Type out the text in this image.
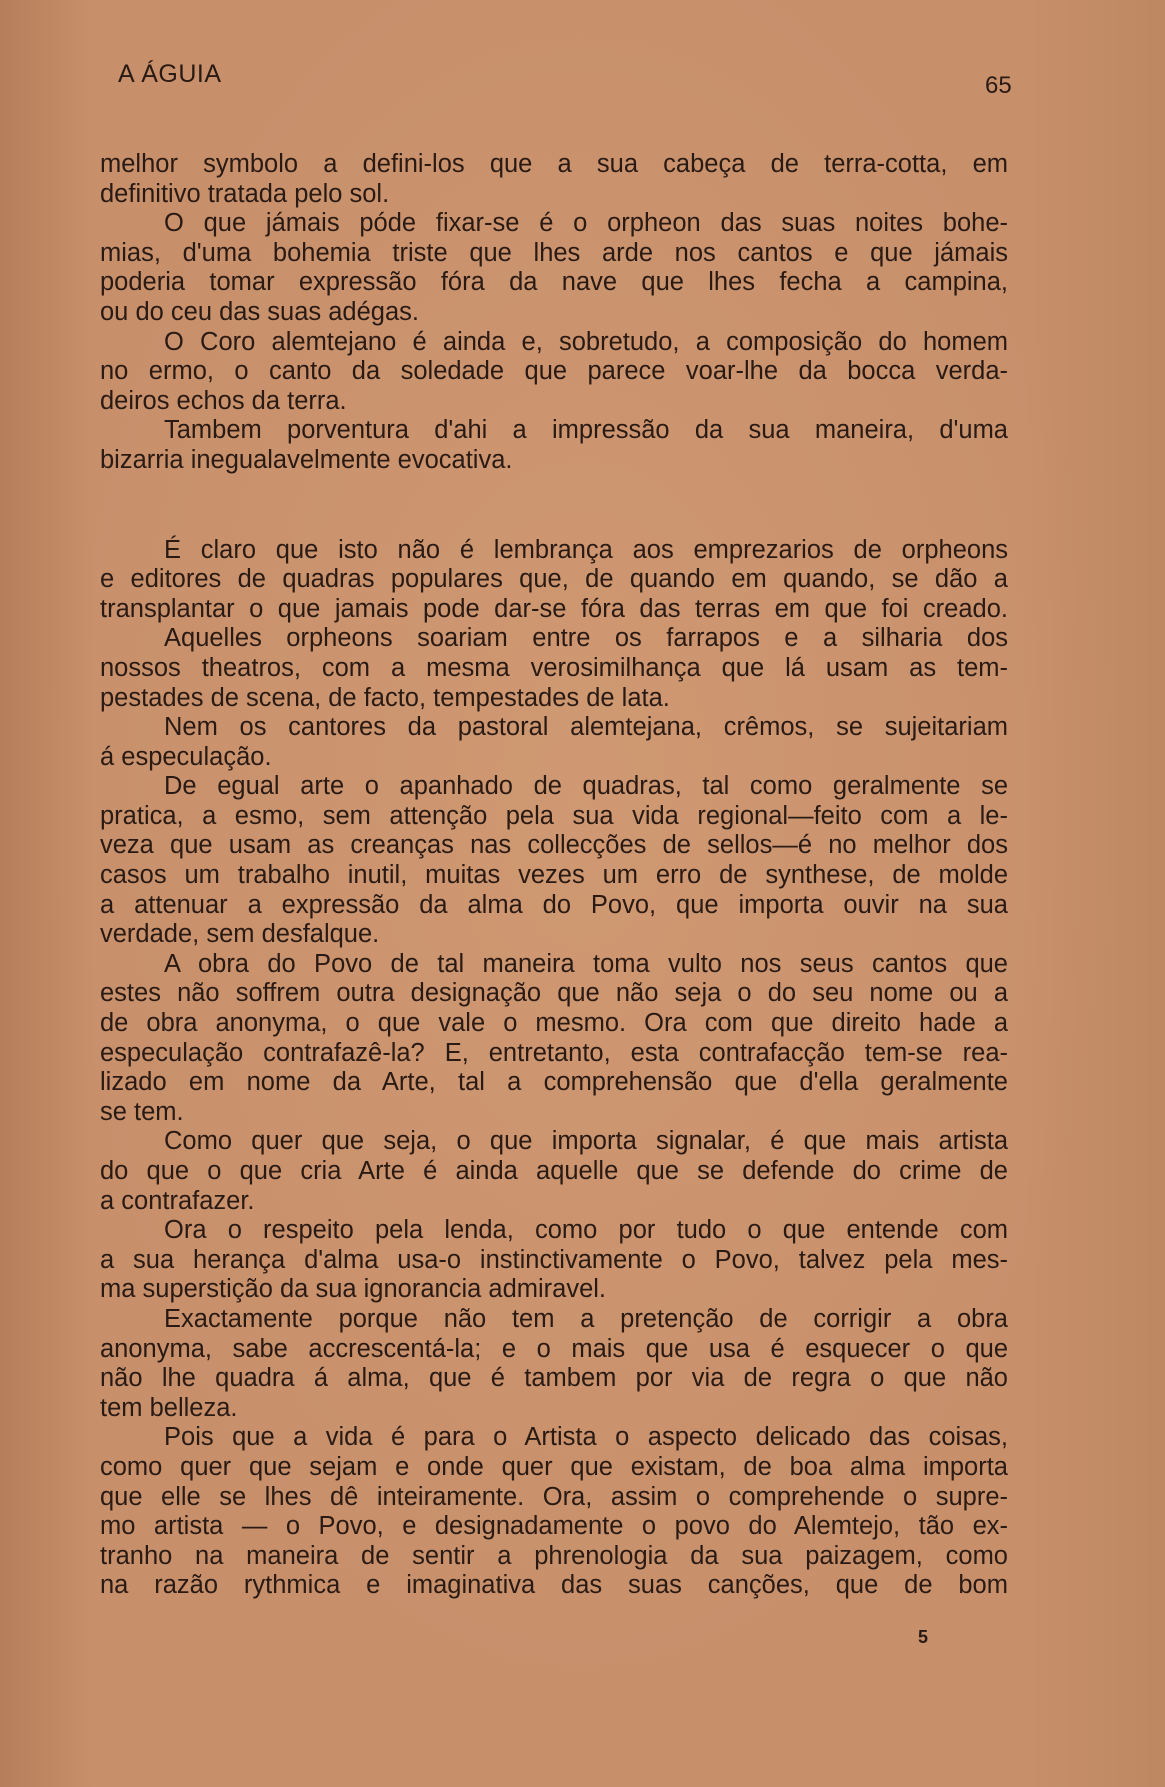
A ÁGUIA	65
melhor symbolo a defini-los que a sua cabeça de terra-cotta, em
definitivo tratada pelo sol.
O que jámais póde fixar-se é o orpheon das suas noites bohe-
mias, d'uma bohemia triste que lhes arde nos cantos e que jámais
poderia tomar expressão fóra da nave que lhes fecha a campina,
ou do ceu das suas adégas.
O Coro alemtejano é ainda e, sobretudo, a composição do homem
no ermo, o canto da soledade que parece voar-lhe da bocca verda-
deiros echos da terra.
Tambem porventura d'ahi a impressão da sua maneira, d'uma
bizarria inegualavelmente evocativa.
É claro que isto não é lembrança aos emprezarios de orpheons
e editores de quadras populares que, de quando em quando, se dão a
transplantar o que jamais pode dar-se fóra das terras em que foi creado.
Aquelles orpheons soariam entre os farrapos e a silharia dos
nossos theatros, com a mesma verosimilhança que lá usam as tem-
pestades de scena, de facto, tempestades de lata.
Nem os cantores da pastoral alemtejana, crêmos, se sujeitariam
á especulação.
De egual arte o apanhado de quadras, tal como geralmente se
pratica, a esmo, sem attenção pela sua vida regional—feito com a le-
veza que usam as creanças nas collecções de sellos—é no melhor dos
casos um trabalho inutil, muitas vezes um erro de synthese, de molde
a attenuar a expressão da alma do Povo, que importa ouvir na sua
verdade, sem desfalque.
A obra do Povo de tal maneira toma vulto nos seus cantos que
estes não soffrem outra designação que não seja o do seu nome ou a
de obra anonyma, o que vale o mesmo. Ora com que direito hade a
especulação contrafazê-la? E, entretanto, esta contrafacção tem-se rea-
lizado em nome da Arte, tal a comprehensão que d'ella geralmente
se tem.
Como quer que seja, o que importa signalar, é que mais artista
do que o que cria Arte é ainda aquelle que se defende do crime de
a contrafazer.
Ora o respeito pela lenda, como por tudo o que entende com
a sua herança d'alma usa-o instinctivamente o Povo, talvez pela mes-
ma superstição da sua ignorancia admiravel.
Exactamente porque não tem a pretenção de corrigir a obra
anonyma, sabe accrescentá-la; e o mais que usa é esquecer o que
não lhe quadra á alma, que é tambem por via de regra o que não
tem belleza.
Pois que a vida é para o Artista o aspecto delicado das coisas,
como quer que sejam e onde quer que existam, de boa alma importa
que elle se lhes dê inteiramente. Ora, assim o comprehende o supre-
mo artista — o Povo, e designadamente o povo do Alemtejo, tão ex-
tranho na maneira de sentir a phrenologia da sua paizagem, como
na razão rythmica e imaginativa das suas canções, que de bom
5
